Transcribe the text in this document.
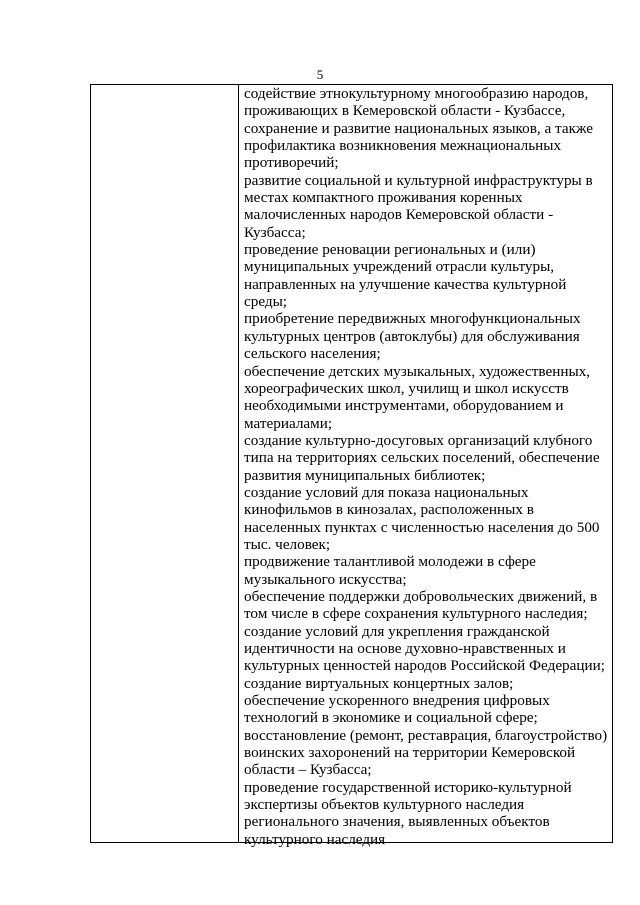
5

содействие этнокультурному многообразию народов, проживающих в Кемеровской области - Кузбассе, сохранение и развитие национальных языков, а также профилактика возникновения межнациональных противоречий;

развитие социальной и культурной инфраструктуры в местах компактного проживания коренных малочисленных народов Кемеровской области - Кузбасса;

проведение реновации региональных и (или) муниципальных учреждений отрасли культуры, направленных на улучшение качества культурной среды;

приобретение передвижных многофункциональных культурных центров (автоклубы) для обслуживания сельского населения;

обеспечение детских музыкальных, художественных, хореографических школ, училищ и школ искусств необходимыми инструментами, оборудованием и материалами;

создание культурно-досуговых организаций клубного типа на территориях сельских поселений, обеспечение развития муниципальных библиотек;

создание условий для показа национальных кинофильмов в кинозалах, расположенных в населенных пунктах с численностью населения до 500 тыс. человек;

продвижение талантливой молодежи в сфере музыкального искусства;

обеспечение поддержки добровольческих движений, в том числе в сфере сохранения культурного наследия;

создание условий для укрепления гражданской идентичности на основе духовно-нравственных и культурных ценностей народов Российской Федерации;

создание виртуальных концертных залов;

обеспечение ускоренного внедрения цифровых технологий в экономике и социальной сфере;

восстановление (ремонт, реставрация, благоустройство) воинских захоронений на территории Кемеровской области – Кузбасса;

проведение государственной историко-культурной экспертизы объектов культурного наследия регионального значения, выявленных объектов культурного наследия
